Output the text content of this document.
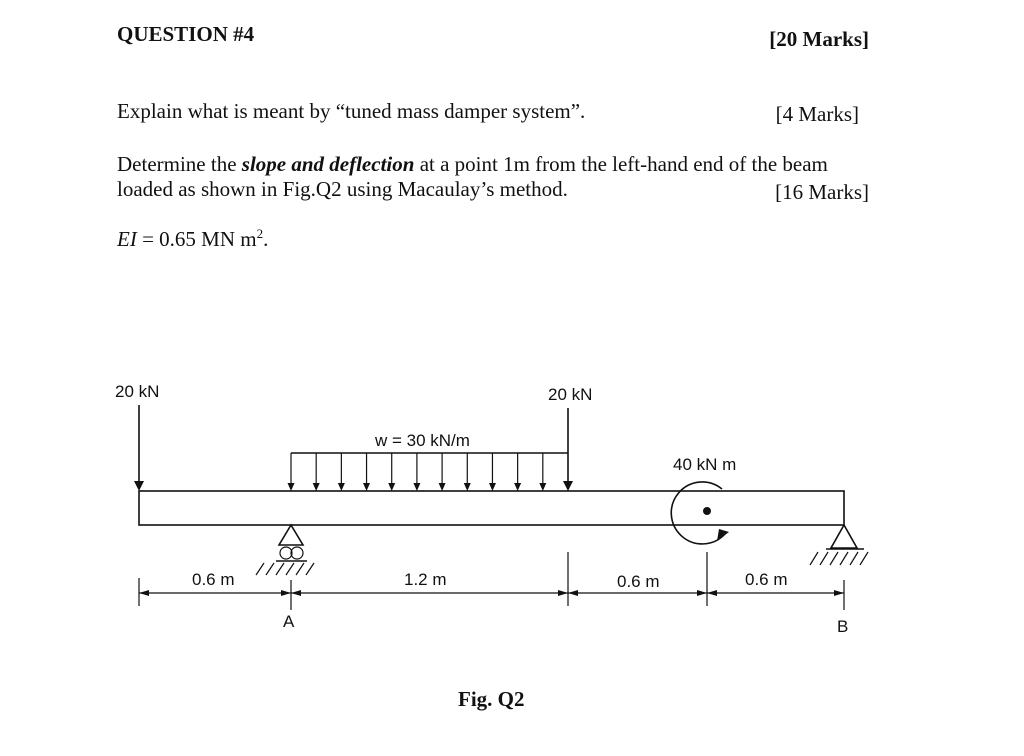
QUESTION #4	[20 Marks]
Explain what is meant by “tuned mass damper system”.	[4 Marks]
Determine the slope and deflection at a point 1m from the left-hand end of the beam
loaded as shown in Fig.Q2 using Macaulay’s method.	[16 Marks]
EI = 0.65 MN $m^2$.
20 kN	20 kN
w = 30 kN/m
40 kN m
0.6 m	1.2 m	0.6 m	0.6 m
A	B
Fig. Q2
